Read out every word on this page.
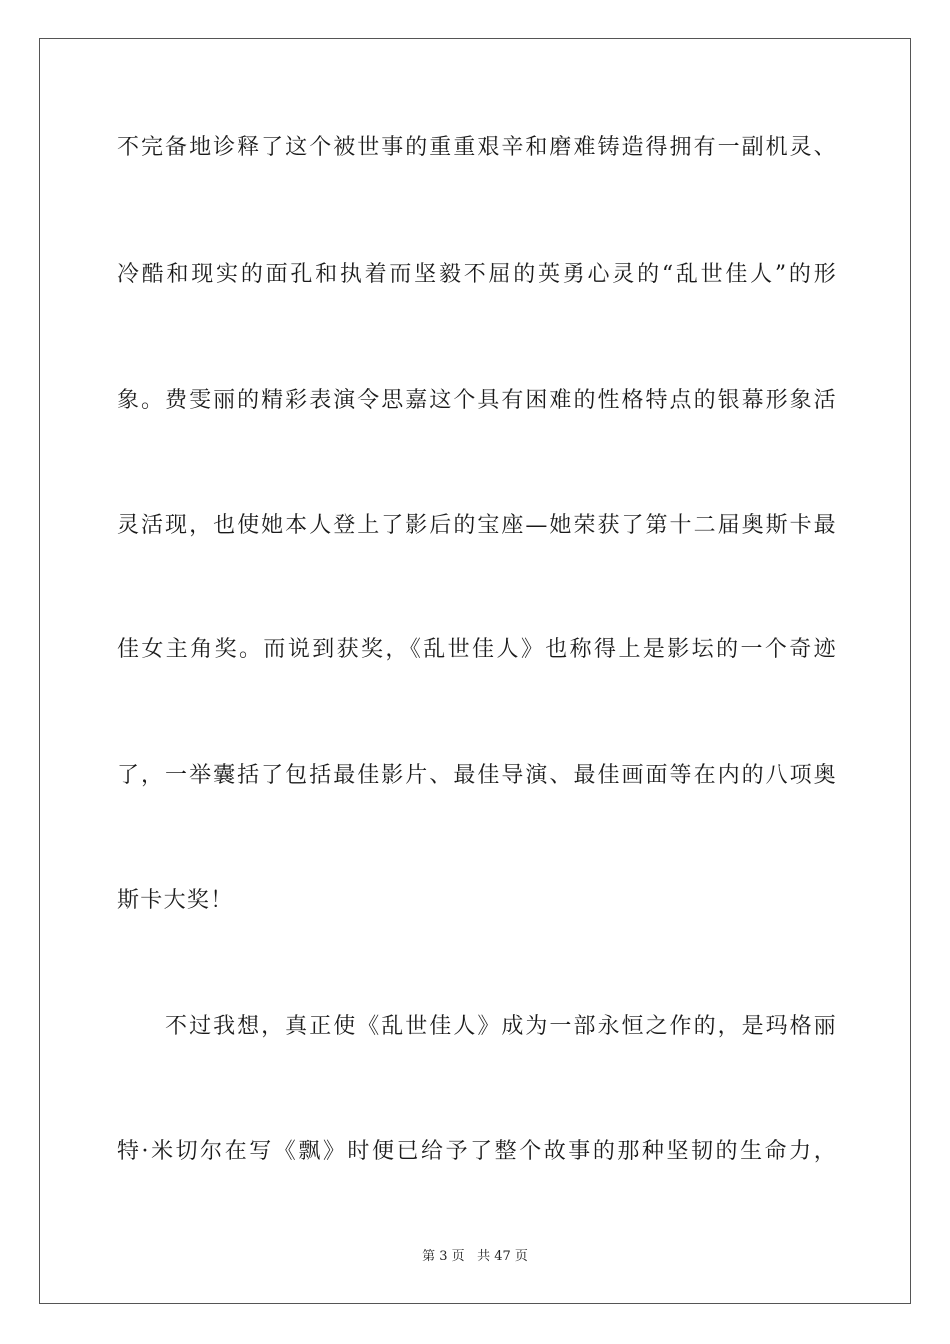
不完备地诊释了这个被世事的重重艰辛和磨难铸造得拥有一副机灵、
冷酷和现实的面孔和执着而坚毅不屈的英勇心灵的“乱世佳人”的形
象。费雯丽的精彩表演令思嘉这个具有困难的性格特点的银幕形象活
灵活现，也使她本人登上了影后的宝座—她荣获了第十二届奥斯卡最
佳女主角奖。而说到获奖，《乱世佳人》也称得上是影坛的一个奇迹
了，一举囊括了包括最佳影片、最佳导演、最佳画面等在内的八项奥
斯卡大奖！
　　不过我想，真正使《乱世佳人》成为一部永恒之作的，是玛格丽
特·米切尔在写《飘》时便已给予了整个故事的那种坚韧的生命力，
第 3 页 共 47 页
